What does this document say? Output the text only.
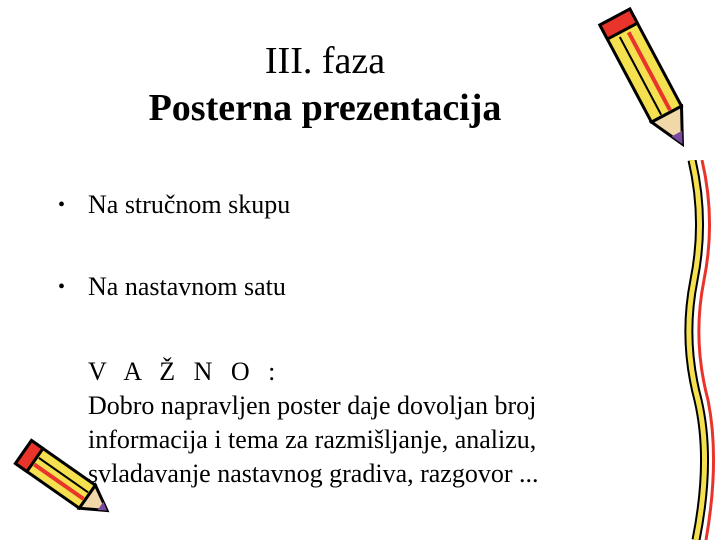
III. faza
Posterna prezentacija
• Na stručnom skupu
• Na nastavnom satu
V A Ž N O :
Dobro napravljen poster daje dovoljan broj informacija i tema za razmišljanje, analizu, svladavanje nastavnog gradiva, razgovor ...
